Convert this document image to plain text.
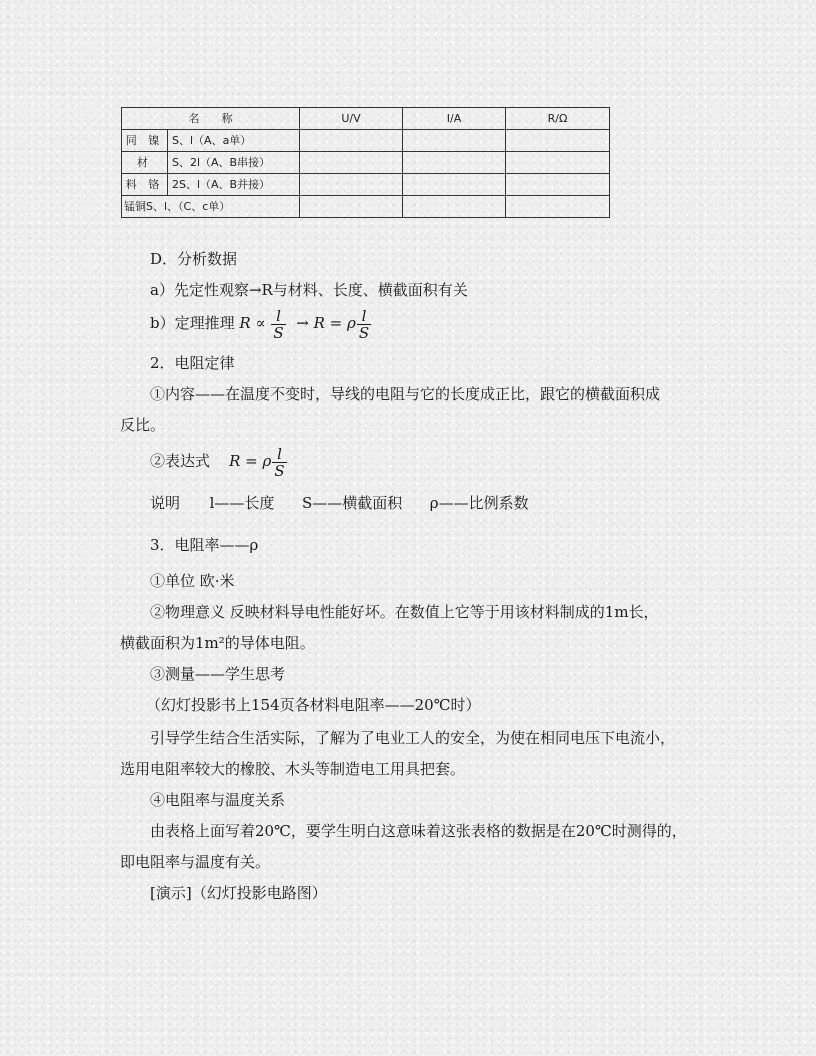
名　　称		U/V	I/A	R/Ω
同 镍	S、l（A、a单）			
材	S、2l（A、B串接）			
料 铬	2S、l（A、B并接）			
锰铜S、l、（C、c单）				
D．分析数据
a）先定性观察→R与材料、长度、横截面积有关
b）定理推理 $R \propto \frac{l}{S} \to R = \rho \frac{l}{S}$
2．电阻定律
①内容——在温度不变时，导线的电阻与它的长度成正比，跟它的横截面积成
反比。
②表达式 R = ρ $\frac{l}{S}$
说明 l——长度 S——横截面积 ρ——比例系数
3．电阻率——ρ
①单位 欧·米
②物理意义 反映材料导电性能好坏。在数值上它等于用该材料制成的1m长，
横截面积为1m²的导体电阻。
③测量——学生思考
（幻灯投影书上154页各材料电阻率——20℃时）
引导学生结合生活实际，了解为了电业工人的安全，为使在相同电压下电流小，
选用电阻率较大的橡胶、木头等制造电工用具把套。
④电阻率与温度关系
由表格上面写着20℃，要学生明白这意味着这张表格的数据是在20℃时测得的，
即电阻率与温度有关。
[演示]（幻灯投影电路图）
